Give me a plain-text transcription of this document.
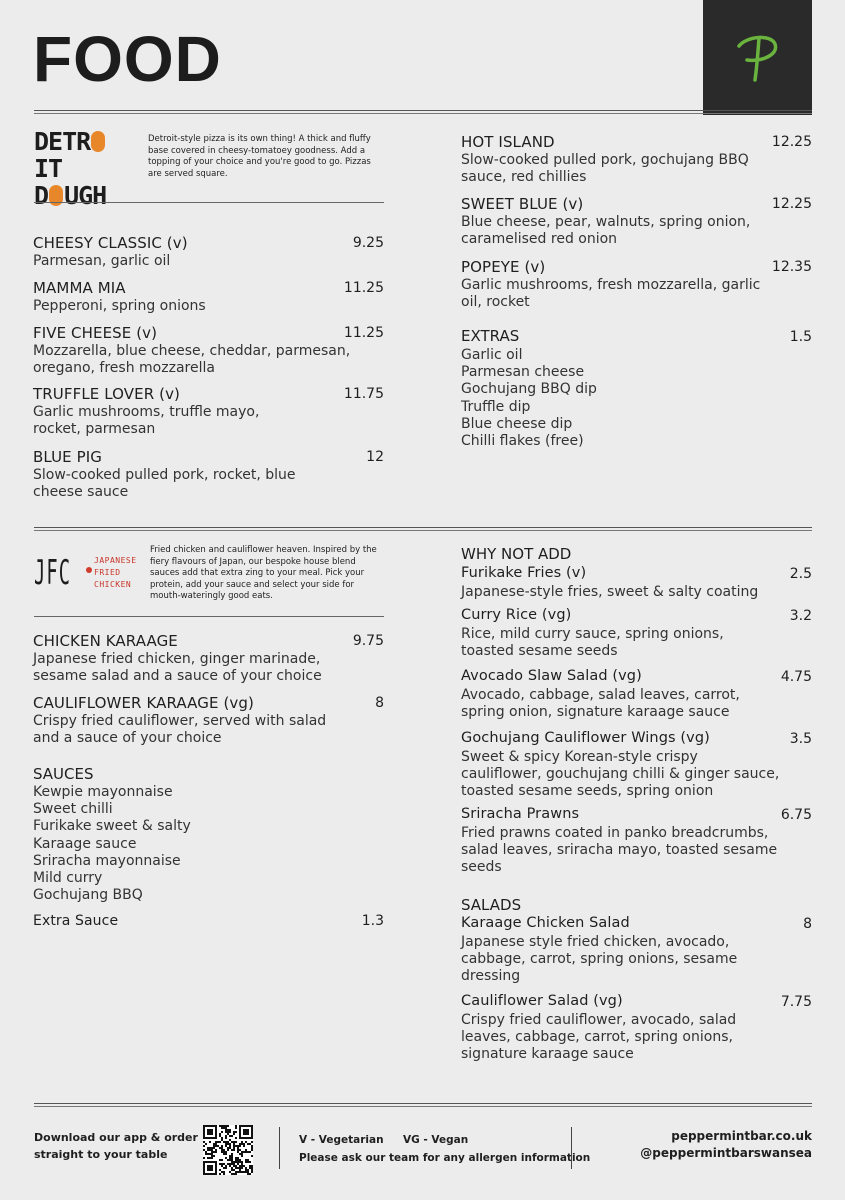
FOOD
DETRIT
D UGH
Detroit-style pizza is its own thing! A thick and fluffy base covered in cheesy-tomatoey goodness. Add a topping of your choice and you're good to go. Pizzas are served square.
CHEESY CLASSIC (v)	9.25
Parmesan, garlic oil
MAMMA MIA	11.25
Pepperoni, spring onions
FIVE CHEESE (v)	11.25
Mozzarella, blue cheese, cheddar, parmesan, oregano, fresh mozzarella
TRUFFLE LOVER (v)	11.75
Garlic mushrooms, truffle mayo, rocket, parmesan
BLUE PIG	12
Slow-cooked pulled pork, rocket, blue cheese sauce
HOT ISLAND	12.25
Slow-cooked pulled pork, gochujang BBQ sauce, red chillies
SWEET BLUE (v)	12.25
Blue cheese, pear, walnuts, spring onion, caramelised red onion
POPEYE (v)	12.35
Garlic mushrooms, fresh mozzarella, garlic oil, rocket
EXTRAS	1.5
Garlic oil
Parmesan cheese
Gochujang BBQ dip
Truffle dip
Blue cheese dip
Chilli flakes (free)
JFC	JAPANESE
FRIED
CHICKEN
Fried chicken and cauliflower heaven. Inspired by the fiery flavours of Japan, our bespoke house blend sauces add that extra zing to your meal. Pick your protein, add your sauce and select your side for mouth-wateringly good eats.
CHICKEN KARAAGE	9.75
Japanese fried chicken, ginger marinade, sesame salad and a sauce of your choice
CAULIFLOWER KARAAGE (vg)	8
Crispy fried cauliflower, served with salad and a sauce of your choice
SAUCES
Kewpie mayonnaise
Sweet chilli
Furikake sweet & salty
Karaage sauce
Sriracha mayonnaise
Mild curry
Gochujang BBQ
Extra Sauce	1.3
WHY NOT ADD
Furikake Fries (v)	2.5
Japanese-style fries, sweet & salty coating
Curry Rice (vg)	3.2
Rice, mild curry sauce, spring onions, toasted sesame seeds
Avocado Slaw Salad (vg)	4.75
Avocado, cabbage, salad leaves, carrot, spring onion, signature karaage sauce
Gochujang Cauliflower Wings (vg)	3.5
Sweet & spicy Korean-style crispy cauliflower, gouchujang chilli & ginger sauce, toasted sesame seeds, spring onion
Sriracha Prawns	6.75
Fried prawns coated in panko breadcrumbs, salad leaves, sriracha mayo, toasted sesame seeds
SALADS
Karaage Chicken Salad	8
Japanese style fried chicken, avocado, cabbage, carrot, spring onions, sesame dressing
Cauliflower Salad (vg)	7.75
Crispy fried cauliflower, avocado, salad leaves, cabbage, carrot, spring onions, signature karaage sauce
Download our app & order
straight to your table
V - Vegetarian VG - Vegan
Please ask our team for any allergen information
peppermintbar.co.uk
@peppermintbarswansea
